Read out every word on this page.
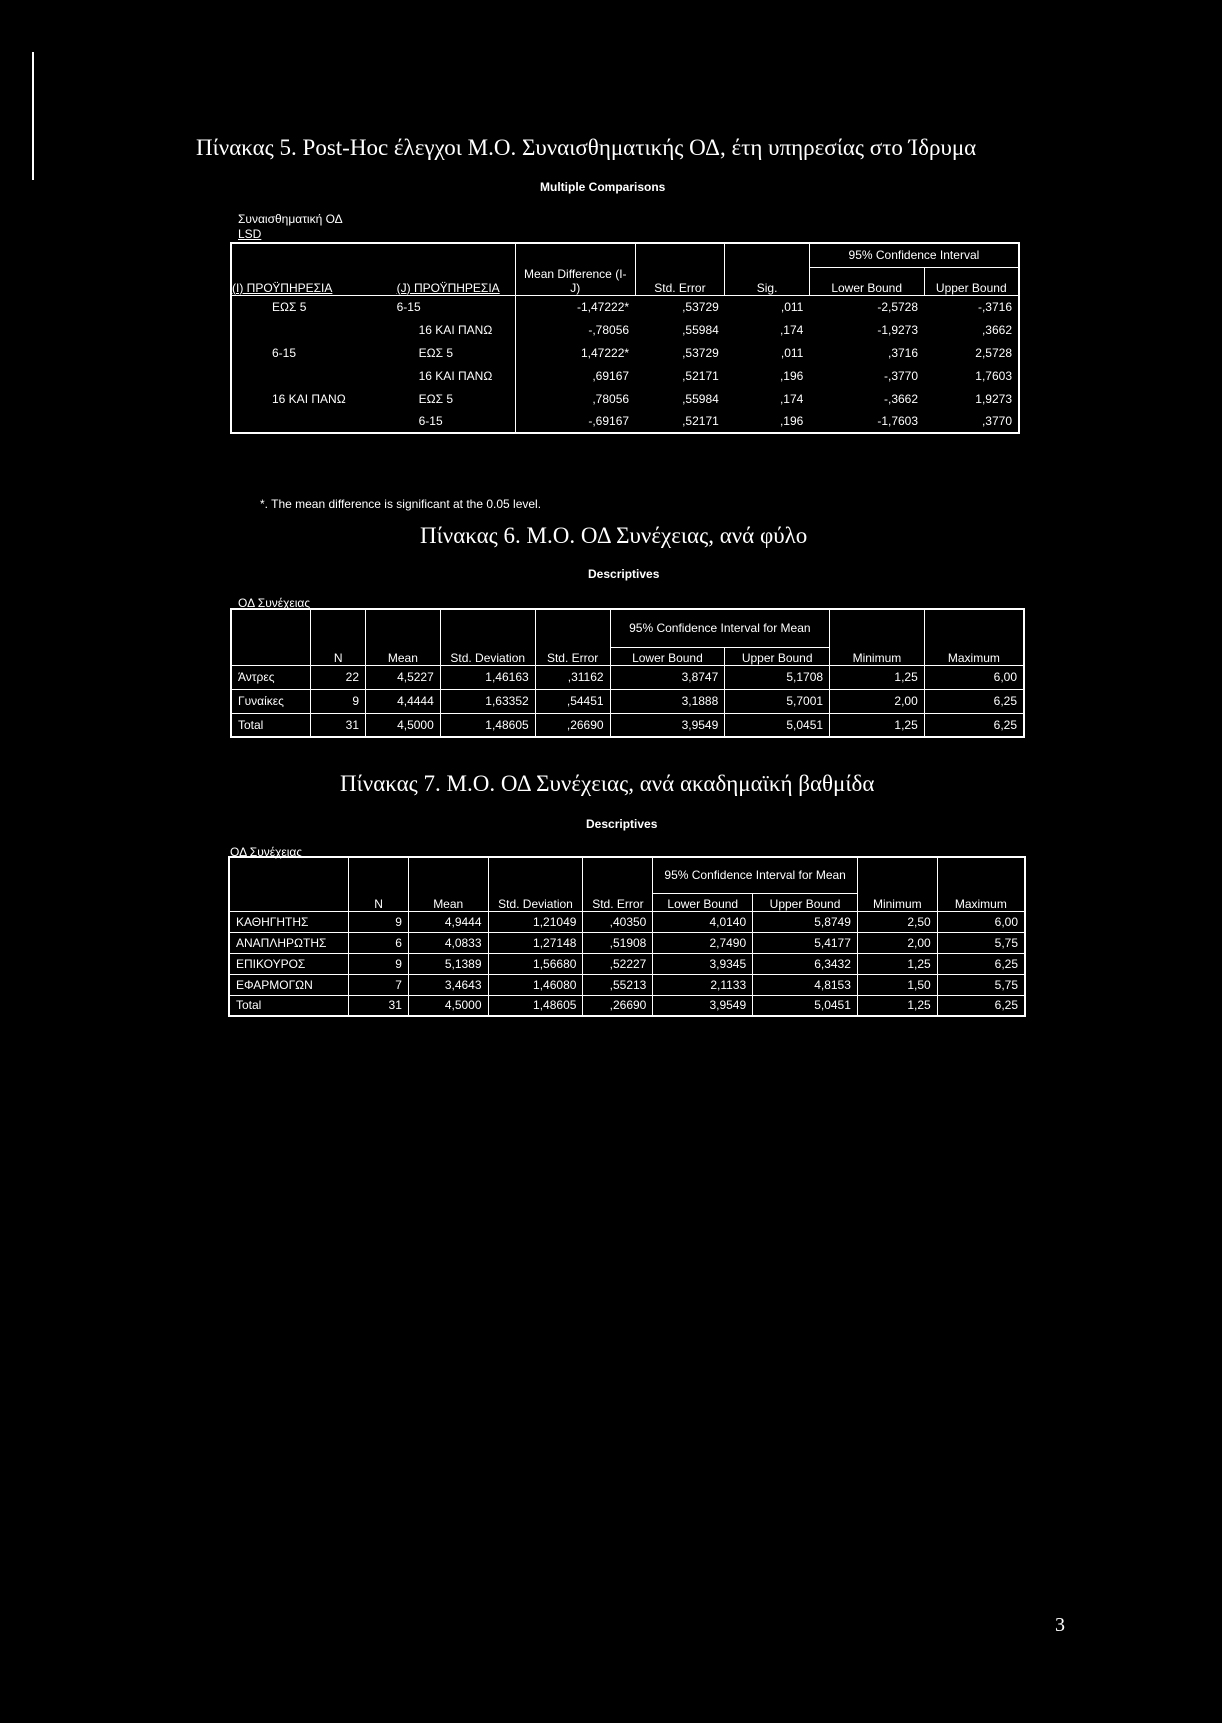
Πίνακας 5. Post-Hoc έλεγχοι Μ.Ο. Συναισθηματικής ΟΔ, έτη υπηρεσίας στο Ίδρυμα
Multiple Comparisons
Συναισθηματική ΟΔ
LSD
(I) ΠΡΟΫΠΗΡΕΣΙΑ	(J) ΠΡΟΫΠΗΡΕΣΙΑ	Mean Difference (I-J)	Std. Error	Sig.	95% Confidence Interval	
					Lower Bound	Upper Bound
ΕΩΣ 5	6-15	-1,47222*	,53729	,011	-2,5728	-,3716
	16 ΚΑΙ ΠΑΝΩ	-,78056	,55984	,174	-1,9273	,3662
6-15	ΕΩΣ 5	1,47222*	,53729	,011	,3716	2,5728
	16 ΚΑΙ ΠΑΝΩ	,69167	,52171	,196	-,3770	1,7603
16 ΚΑΙ ΠΑΝΩ	ΕΩΣ 5	,78056	,55984	,174	-,3662	1,9273
	6-15	-,69167	,52171	,196	-1,7603	,3770
*. The mean difference is significant at the 0.05 level.
Πίνακας 6. Μ.Ο. ΟΔ Συνέχειας, ανά φύλο
Descriptives
ΟΔ Συνέχειας
	N	Mean	Std. Deviation	Std. Error	95% Confidence Interval for Mean		Minimum	Maximum
					Lower Bound	Upper Bound		
Άντρες	22	4,5227	1,46163	,31162	3,8747	5,1708	1,25	6,00
Γυναίκες	9	4,4444	1,63352	,54451	3,1888	5,7001	2,00	6,25
Total	31	4,5000	1,48605	,26690	3,9549	5,0451	1,25	6,25
Πίνακας 7. Μ.Ο. ΟΔ Συνέχειας, ανά ακαδημαϊκή βαθμίδα
Descriptives
ΟΔ Συνέχειας
	N	Mean	Std. Deviation	Std. Error	95% Confidence Interval for Mean		Minimum	Maximum
					Lower Bound	Upper Bound		
ΚΑΘΗΓΗΤΗΣ	9	4,9444	1,21049	,40350	4,0140	5,8749	2,50	6,00
ΑΝΑΠΛΗΡΩΤΗΣ	6	4,0833	1,27148	,51908	2,7490	5,4177	2,00	5,75
ΕΠΙΚΟΥΡΟΣ	9	5,1389	1,56680	,52227	3,9345	6,3432	1,25	6,25
ΕΦΑΡΜΟΓΩΝ	7	3,4643	1,46080	,55213	2,1133	4,8153	1,50	5,75
Total	31	4,5000	1,48605	,26690	3,9549	5,0451	1,25	6,25
3
